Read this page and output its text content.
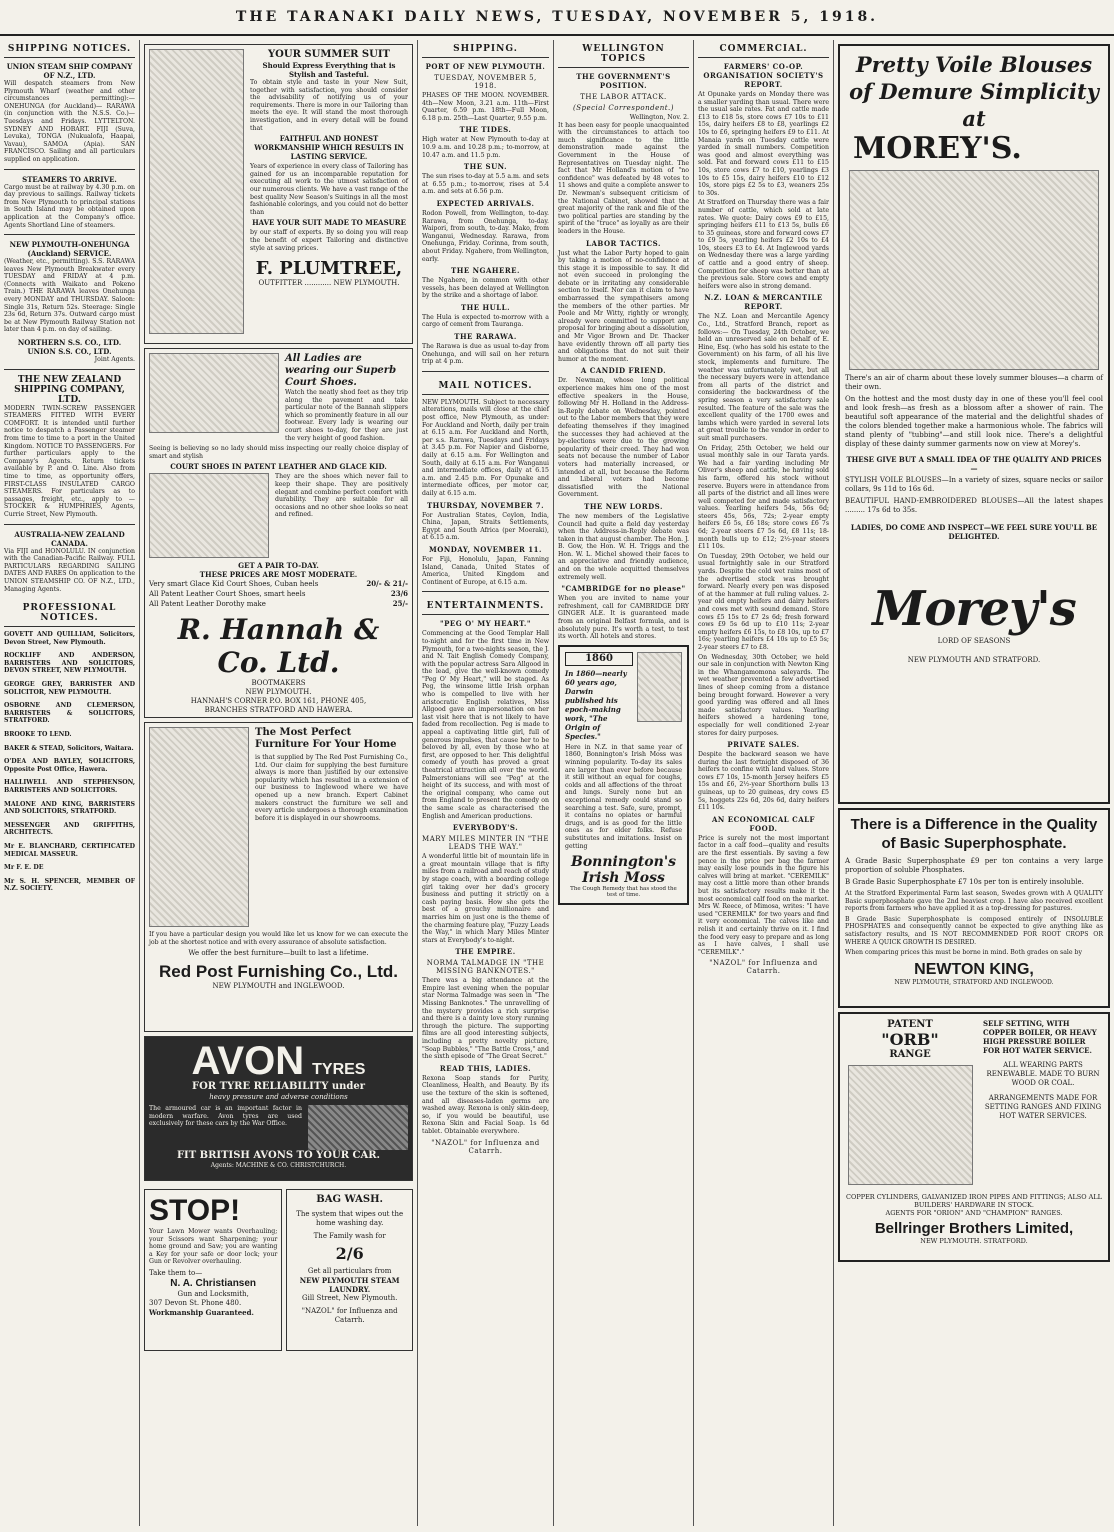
THE TARANAKI DAILY NEWS, TUESDAY, NOVEMBER 5, 1918.
SHIPPING NOTICES.
UNION STEAM SHIP COMPANY OF N.Z., LTD.
Will despatch steamers from New Plymouth Wharf (weather and other circumstances permitting):— ONEHUNGA (for Auckland)— RARAWA (in conjunction with the N.S.S. Co.)—Tuesdays and Fridays. LYTTELTON. SYDNEY AND HOBART. FIJI (Suva, Levuka), TONGA (Nukualofa, Haapai, Vavau), SAMOA (Apia). SAN FRANCISCO. Sailing and all particulars supplied on application.
STEAMERS TO ARRIVE.
Cargo must be at railway by 4.30 p.m. on day previous to sailings. Railway tickets from New Plymouth to principal stations in South Island may be obtained upon application at the Company's office. Agents Shortland Line of steamers.
NEW PLYMOUTH-ONEHUNGA (Auckland) SERVICE.
(Weather, etc., permitting). S.S. RARAWA leaves New Plymouth Breakwater every TUESDAY and FRIDAY at 4 p.m. (Connects with Waikato and Pokeno Train.) THE RARAWA leaves Onehunga every MONDAY and THURSDAY. Saloon: Single 31s, Return 52s. Steerage: Single 23s 6d, Return 37s. Outward cargo must be at New Plymouth Railway Station not later than 4 p.m. on day of sailing.
NORTHERN S.S. CO., LTD. UNION S.S. CO., LTD.
Joint Agents.
THE NEW ZEALAND SHIPPING COMPANY, LTD.
MODERN TWIN-SCREW PASSENGER STEAMERS FITTED WITH EVERY COMFORT. It is intended until further notice to despatch a Passenger steamer from time to time to a port in the United Kingdom. NOTICE TO PASSENGERS. For further particulars apply to the Company's Agents. Return tickets available by P. and O. Line. Also from time to time, as opportunity offers, FIRST-CLASS INSULATED CARGO STEAMERS. For particulars as to passages, freight, etc., apply to — STOCKER & HUMPHRIES, Agents, Currie Street, New Plymouth.
AUSTRALIA-NEW ZEALAND CANADA.
Via FIJI and HONOLULU. IN conjunction with the Canadian-Pacific Railway. FULL PARTICULARS REGARDING SAILING DATES AND FARES On application to the UNION STEAMSHIP CO. OF N.Z., LTD., Managing Agents.
PROFESSIONAL NOTICES.
GOVETT AND QUILLIAM, Solicitors, Devon Street, New Plymouth.
ROCKLIFF AND ANDERSON, BARRISTERS AND SOLICITORS, DEVON STREET, NEW PLYMOUTH.
GEORGE GREY, BARRISTER AND SOLICITOR, NEW PLYMOUTH.
OSBORNE AND CLEMERSON, BARRISTERS & SOLICITORS, STRATFORD.
BROOKE TO LEND.
BAKER & STEAD, Solicitors, Waitara.
O'DEA AND BAYLEY, SOLICITORS, Opposite Post Office, Hawera.
HALLIWELL AND STEPHENSON, BARRISTERS AND SOLICITORS.
MALONE AND KING, BARRISTERS AND SOLICITORS, STRATFORD.
MESSENGER AND GRIFFITHS, ARCHITECTS.
Mr E. BLANCHARD, CERTIFICATED MEDICAL MASSEUR.
Mr F. E. DE
Mr S. H. SPENCER, MEMBER OF N.Z. SOCIETY.
YOUR SUMMER SUIT
Should Express Everything that is Stylish and Tasteful.
To obtain style and taste in your New Suit, together with satisfaction, you should consider the advisability of notifying us of your requirements. There is more in our Tailoring than meets the eye. It will stand the most thorough investigation, and in every detail will be found that
FAITHFUL AND HONEST WORKMANSHIP WHICH RESULTS IN LASTING SERVICE.
Years of experience in every class of Tailoring has gained for us an incomparable reputation for executing all work to the utmost satisfaction of our numerous clients. We have a vast range of the best quality New Season's Suitings in all the most fashionable colorings, and you could not do better than
HAVE YOUR SUIT MADE TO MEASURE
by our staff of experts. By so doing you will reap the benefit of expert Tailoring and distinctive style at saving prices.
F. PLUMTREE,
OUTFITTER ............ NEW PLYMOUTH.
All Ladies are wearing our Superb Court Shoes.
Watch the neatly shod feet as they trip along the pavement and take particular note of the Bannah slippers which so prominently feature in all our footwear. Every lady is wearing our court shoes to-day, for they are just the very height of good fashion.
Seeing is believing so no lady should miss inspecting our really choice display of smart and stylish
COURT SHOES IN PATENT LEATHER AND GLACE KID.
They are the shoes which never fail to keep their shape. They are positively elegant and combine perfect comfort with durability. They are suitable for all occasions and no other shoe looks so neat and refined.
GET A PAIR TO-DAY.
THESE PRICES ARE MOST MODERATE.
Very smart Glace Kid Court Shoes, Cuban heels	20/- & 21/-
All Patent Leather Court Shoes, smart heels	23/6
All Patent Leather Dorothy make	25/-
R. Hannah & Co. Ltd.
BOOTMAKERS
NEW PLYMOUTH.
HANNAH'S CORNER P.O. BOX 161, PHONE 405,
BRANCHES STRATFORD AND HAWERA.
The Most Perfect Furniture For Your Home
is that supplied by The Red Post Furnishing Co., Ltd. Our claim for supplying the best furniture always is more than justified by our extensive popularity which has resulted in a extension of our business to Inglewood where we have opened up a new branch. Expert Cabinet makers construct the furniture we sell and every article undergoes a thorough examination before it is displayed in our showrooms.
If you have a particular design you would like let us know for we can execute the job at the shortest notice and with every assurance of absolute satisfaction.
We offer the best furniture—built to last a lifetime.
Red Post Furnishing Co., Ltd.
NEW PLYMOUTH and INGLEWOOD.
AVON TYRES
FOR TYRE RELIABILITY under
heavy pressure and adverse conditions
The armoured car is an important factor in modern warfare. Avon tyres are used exclusively for these cars by the War Office.
FIT BRITISH AVONS TO YOUR CAR.
Agents: MACHINE & CO. CHRISTCHURCH.
STOP!
Your Lawn Mower wants Overhauling; your Scissors want Sharpening; your home ground and Saw; you are wanting a Key for your safe or door lock; your Gun or Revolver overhauling.
Take them to—
N. A. Christiansen
Gun and Locksmith,
307 Devon St. Phone 480.
Workmanship Guaranteed.
BAG WASH.
The system that wipes out the home washing day.
The Family wash for
2/6
Get all particulars from
NEW PLYMOUTH STEAM LAUNDRY.
Gill Street, New Plymouth.
"NAZOL" for Influenza and Catarrh.
SHIPPING.
PORT OF NEW PLYMOUTH.
TUESDAY, NOVEMBER 5, 1918.
PHASES OF THE MOON. NOVEMBER. 4th—New Moon, 3.21 a.m. 11th—First Quarter, 6.59 p.m. 18th—Full Moon, 6.18 p.m. 25th—Last Quarter, 9.55 p.m.
THE TIDES.
High water at New Plymouth to-day at 10.9 a.m. and 10.28 p.m.; to-morrow, at 10.47 a.m. and 11.5 p.m.
THE SUN.
The sun rises to-day at 5.5 a.m. and sets at 6.55 p.m.; to-morrow, rises at 5.4 a.m. and sets at 6.56 p.m.
EXPECTED ARRIVALS.
Rodon Powell, from Wellington, to-day. Rarawa, from Onehunga, to-day. Waipori, from south, to-day. Mako, from Wanganui, Wednesday. Rarawa, from Onehunga, Friday. Corinna, from south, about Friday. Ngahere, from Wellington, early.
THE NGAHERE.
The Ngahere, in common with other vessels, has been delayed at Wellington by the strike and a shortage of labor.
THE HULL.
The Hula is expected to-morrow with a cargo of cement from Tauranga.
THE RARAWA.
The Rarawa is due as usual to-day from Onehunga, and will sail on her return trip at 4 p.m.
MAIL NOTICES.
NEW PLYMOUTH. Subject to necessary alterations, mails will close at the chief post office, New Plymouth, as under: For Auckland and North, daily per train at 6.15 a.m. For Auckland and North, per s.s. Rarawa, Tuesdays and Fridays at 3.45 p.m. For Napier and Gisborne, daily at 6.15 a.m. For Wellington and South, daily at 6.15 a.m. For Wanganui and intermediate offices, daily at 6.15 a.m. and 2.45 p.m. For Opunake and intermediate offices, per motor car, daily at 6.15 a.m.
THURSDAY, NOVEMBER 7.
For Australian States, Ceylon, India, China, Japan, Straits Settlements, Egypt and South Africa (per Moeraki), at 6.15 a.m.
MONDAY, NOVEMBER 11.
For Fiji, Honolulu, Japan, Fanning Island, Canada, United States of America, United Kingdom and Continent of Europe, at 6.15 a.m.
ENTERTAINMENTS.
"PEG O' MY HEART."
Commencing at the Good Templar Hall to-night and for the first time in New Plymouth, for a two-nights season, the J. and N. Tait English Comedy Company, with the popular actress Sara Allgood in the lead, give the well-known comedy "Peg O' My Heart," will be staged. As Peg, the winsome little Irish orphan who is compelled to live with her aristocratic English relatives, Miss Allgood gave an impersonation on her last visit here that is not likely to have faded from recollection. Peg is made to appeal a captivating little girl, full of generous impulses, that cause her to be beloved by all, even by those who at first, are opposed to her. This delightful comedy of youth has proved a great theatrical attraction all over the world. Palmerstonians will see "Peg" at the height of its success, and with most of the original company, who came out from England to present the comedy on the same scale as characterised the English and American productions.
EVERYBODY'S.
MARY MILES MINTER IN "THE LEADS THE WAY."
A wonderful little bit of mountain life in a great mountain village that is fifty miles from a railroad and reach of study by stage coach, with a boarding college girl taking over her dad's grocery business and putting it strictly on a cash paying basis. How she gets the best of a grouchy millionaire and marries him on just one is the theme of the charming feature play, "Fuzzy Leads the Way," in which Mary Miles Minter stars at Everybody's to-night.
THE EMPIRE.
NORMA TALMADGE IN "THE MISSING BANKNOTES."
There was a big attendance at the Empire last evening when the popular star Norma Talmadge was seen in "The Missing Banknotes." The unravelling of the mystery provides a rich surprise and there is a dainty love story running through the picture. The supporting films are all good interesting subjects, including a pretty novelty picture, "Soap Bubbles," "The Battle Cross," and the sixth episode of "The Great Secret."
READ THIS, LADIES.
Rexona Soap stands for Purity, Cleanliness, Health, and Beauty. By its use the texture of the skin is softened, and all diseases-laden germs are washed away. Rexona is only skin-deep, so, if you would be beautiful, use Rexona Skin and Facial Soap. 1s 6d tablet. Obtainable everywhere.
"NAZOL" for Influenza and Catarrh.
WELLINGTON TOPICS
THE GOVERNMENT'S POSITION.
THE LABOR ATTACK.
(Special Correspondent.)
Wellington, Nov. 2.
It has been easy for people unacquainted with the circumstances to attach too much significance to the little demonstration made against the Government in the House of Representatives on Tuesday night. The fact that Mr Holland's motion of "no confidence" was defeated by 48 votes to 11 shows and quite a complete answer to Dr. Newman's subsequent criticism of the National Cabinet, showed that the great majority of the rank and file of the two political parties are standing by the spirit of the "truce" as loyally as are their leaders in the House.
LABOR TACTICS.
Just what the Labor Party hoped to gain by taking a motion of no-confidence at this stage it is impossible to say. It did not even succeed in prolonging the debate or in irritating any considerable section to itself. Nor can it claim to have embarrassed the sympathisers among the members of the other parties. Mr Poole and Mr Witty, rightly or wrongly, already were committed to support any proposal for bringing about a dissolution, and Mr Vigor Brown and Dr. Thacker have evidently thrown off all party ties and obligations that do not suit their humor at the moment.
A CANDID FRIEND.
Dr. Newman, whose long political experience makes him one of the most effective speakers in the House, following Mr H. Holland in the Address-in-Reply debate on Wednesday, pointed out to the Labor members that they were defeating themselves if they imagined the successes they had achieved at the by-elections were due to the growing popularity of their creed. They had won seats not because the number of Labor voters had materially increased, or intended at all, but because the Reform and Liberal voters had become dissatisfied with the National Government.
THE NEW LORDS.
The new members of the Legislative Council had quite a field day yesterday when the Address-in-Reply debate was taken in that august chamber. The Hon. J. B. Gow, the Hon. W. H. Triggs and the Hon. W. L. Michel showed their faces to an appreciative and friendly audience, and on the whole acquitted themselves extremely well.
"CAMBRIDGE for no please"
When you are invited to name your refreshment, call for CAMBRIDGE DRY GINGER ALE. It is guaranteed made from an original Belfast formula, and is absolutely pure. It's worth a test, to test its worth. All hotels and stores.
1860
In 1860—nearly 60 years ago, Darwin published his epoch-making work, "The Origin of Species."
Here in N.Z. in that same year of 1860, Bonnington's Irish Moss was winning popularity. To-day its sales are larger than ever before because it still without an equal for coughs, colds and all affections of the throat and lungs. Surely none but an exceptional remedy could stand so searching a test. Safe, sure, prompt, it contains no opiates or harmful drugs, and is as good for the little ones as for elder folks. Refuse substitutes and imitations. Insist on getting
Bonnington's Irish Moss
The Cough Remedy that has stood the test of time.
COMMERCIAL.
FARMERS' CO-OP. ORGANISATION SOCIETY'S REPORT.
At Opunake yards on Monday there was a smaller yarding than usual. There were the usual sale rates. Fat and cattle made £13 to £18 5s, store cows £7 10s to £11 15s, dairy heifers £8 to £8, yearlings £2 10s to £6, springing heifers £9 to £11. At Manaia yards on Tuesday cattle were yarded in small numbers. Competition was good and almost everything was sold. Fat and forward cows £11 to £15 10s, store cows £7 to £10, yearlings £3 10s to £5 15s, dairy heifers £10 to £12 10s, store pigs £2 5s to £3, weaners 25s to 30s.
At Stratford on Thursday there was a fair number of cattle, which sold at late rates. We quote: Dairy cows £9 to £15, springing heifers £11 to £13 5s, bulls £6 to 35 guineas, store and forward cows £7 to £9 5s, yearling heifers £2 10s to £4 10s, steers £3 to £4. At Inglewood yards on Wednesday there was a large yarding of cattle and a good entry of sheep. Competition for sheep was better than at the previous sale. Store cows and empty heifers were also in strong demand.
N.Z. LOAN & MERCANTILE REPORT.
The N.Z. Loan and Mercantile Agency Co., Ltd., Stratford Branch, report as follows:— On Tuesday, 24th October, we held an unreserved sale on behalf of E. Hine, Esq. (who has sold his estate to the Government) on his farm, of all his live stock, implements and furniture. The weather was unfortunately wet, but all the necessary buyers were in attendance from all parts of the district and considering the backwardness of the spring season a very satisfactory sale resulted. The feature of the sale was the excellent quality of the 1700 ewes and lambs which were yarded in several lots at great trouble to the vendor in order to suit small purchasers.
On Friday, 25th October, we held our usual monthly sale in our Tarata yards. We had a fair yarding including Mr Oliver's sheep and cattle, he having sold his farm, offered his stock without reserve. Buyers were in attendance from all parts of the district and all lines were well competed for and made satisfactory values. Yearling heifers 54s, 56s 6d; steers 45s, 56s, 72s; 2-year empty heifers £6 5s, £6 18s; store cows £6 7s 6d; 2-year steers £7 5s 6d, £8 11s; 18-month bulls up to £12; 2½-year steers £11 10s.
On Tuesday, 29th October, we held our usual fortnightly sale in our Stratford yards. Despite the cold wet rains most of the advertised stock was brought forward. Nearly every pen was disposed of at the hammer at full ruling values. 2-year old empty heifers and dairy heifers and cows met with sound demand. Store cows £5 15s to £7 2s 6d; fresh forward cows £9 5s 6d up to £10 11s; 2-year empty heifers £6 15s, to £8 10s, up to £7 16s; yearling heifers £4 10s up to £5 5s; 2-year steers £7 to £8.
On Wednesday, 30th October, we held our sale in conjunction with Newton King in the Whangamomona saleyards. The wet weather prevented a few advertised lines of sheep coming from a distance being brought forward. However a very good yarding was offered and all lines made satisfactory values. Yearling heifers showed a hardening tone, especially for well conditioned 2-year stores for dairy purposes.
PRIVATE SALES.
Despite the backward season we have during the last fortnight disposed of 36 heifers to confine with land values. Store cows £7 10s, 15-month Jersey heifers £5 15s and £6, 2½-year Shorthorn bulls 13 guineas, up to 20 guineas, dry cows £5 5s, hoggets 22s 6d, 20s 6d, dairy heifers £11 10s.
AN ECONOMICAL CALF FOOD.
Price is surely not the most important factor in a calf food—quality and results are the first essentials. By saving a few pence in the price per bag the farmer may easily lose pounds in the figure his calves will bring at market. "CEREMILK" may cost a little more than other brands but its satisfactory results make it the most economical calf food on the market. Mrs W. Reece, of Mimosa, writes: "I have used "CEREMILK" for two years and find it very economical. The calves like and relish it and certainly thrive on it. I find the food very easy to prepare and as long as I have calves, I shall use "CEREMILK"."
"NAZOL" for Influenza and Catarrh.
Pretty Voile Blouses of Demure Simplicity at
MOREY'S.
There's an air of charm about these lovely summer blouses—a charm of their own.
On the hottest and the most dusty day in one of these you'll feel cool and look fresh—as fresh as a blossom after a shower of rain. The beautiful soft appearance of the material and the delightful shades of the colors blended together make a harmonious whole. The fabrics will stand plenty of "tubbing"—and still look nice. There's a delightful display of these dainty summer garments now on view at Morey's.
THESE GIVE BUT A SMALL IDEA OF THE QUALITY AND PRICES—
STYLISH VOILE BLOUSES—In a variety of sizes, square necks or sailor collars, 9s 11d to 16s 6d.
BEAUTIFUL HAND-EMBROIDERED BLOUSES—All the latest shapes ......... 17s 6d to 35s.
LADIES, DO COME AND INSPECT—WE FEEL SURE YOU'LL BE DELIGHTED.
Morey's
LORD OF SEASONS
NEW PLYMOUTH AND STRATFORD.
There is a Difference in the Quality of Basic Superphosphate.
A Grade Basic Superphosphate £9 per ton contains a very large proportion of soluble Phosphates.
B Grade Basic Superphosphate £7 10s per ton is entirely insoluble.
At the Stratford Experimental Farm last season, Swedes grown with A QUALITY Basic superphosphate gave the 2nd heaviest crop. I have also received excellent reports from farmers who have applied it as a top-dressing for pastures.
B Grade Basic Superphosphate is composed entirely of INSOLUBLE PHOSPHATES and consequently cannot be expected to give anything like as satisfactory results, and IS NOT RECOMMENDED FOR ROOT CROPS OR WHERE A QUICK GROWTH IS DESIRED.
When comparing prices this must be borne in mind. Both grades on sale by
NEWTON KING,
NEW PLYMOUTH, STRATFORD AND INGLEWOOD.
PATENT
"ORB"
RANGE
SELF SETTING, WITH COPPER BOILER, OR HEAVY HIGH PRESSURE BOILER FOR HOT WATER SERVICE.
ALL WEARING PARTS RENEWABLE. MADE TO BURN WOOD OR COAL.
ARRANGEMENTS MADE FOR SETTING RANGES AND FIXING HOT WATER SERVICES.
COPPER CYLINDERS, GALVANIZED IRON PIPES AND FITTINGS; ALSO ALL BUILDERS' HARDWARE IN STOCK.
AGENTS FOR "ORION" AND "CHAMPION" RANGES.
Bellringer Brothers Limited,
NEW PLYMOUTH. STRATFORD.
